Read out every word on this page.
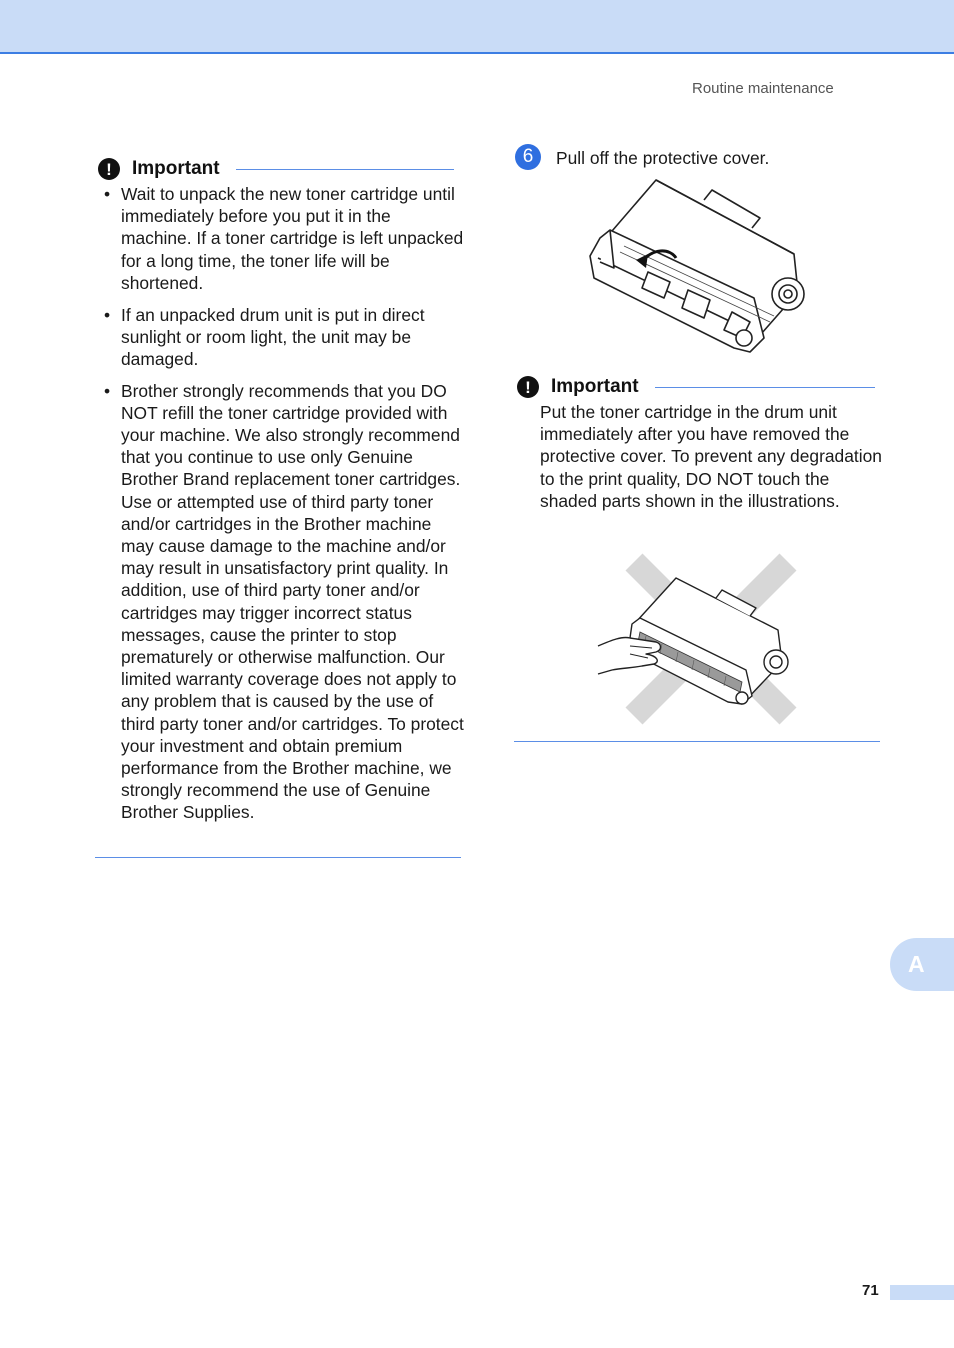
Routine maintenance
!	Important
• Wait to unpack the new toner cartridge until immediately before you put it in the machine. If a toner cartridge is left unpacked for a long time, the toner life will be shortened.
• If an unpacked drum unit is put in direct sunlight or room light, the unit may be damaged.
• Brother strongly recommends that you DO NOT refill the toner cartridge provided with your machine. We also strongly recommend that you continue to use only Genuine Brother Brand replacement toner cartridges. Use or attempted use of third party toner and/or cartridges in the Brother machine may cause damage to the machine and/or may result in unsatisfactory print quality. In addition, use of third party toner and/or cartridges may trigger incorrect status messages, cause the printer to stop prematurely or otherwise malfunction. Our limited warranty coverage does not apply to any problem that is caused by the use of third party toner and/or cartridges. To protect your investment and obtain premium performance from the Brother machine, we strongly recommend the use of Genuine Brother Supplies.
6	Pull off the protective cover.
!	Important

Put the toner cartridge in the drum unit immediately after you have removed the protective cover. To prevent any degradation to the print quality, DO NOT touch the shaded parts shown in the illustrations.

A
71
